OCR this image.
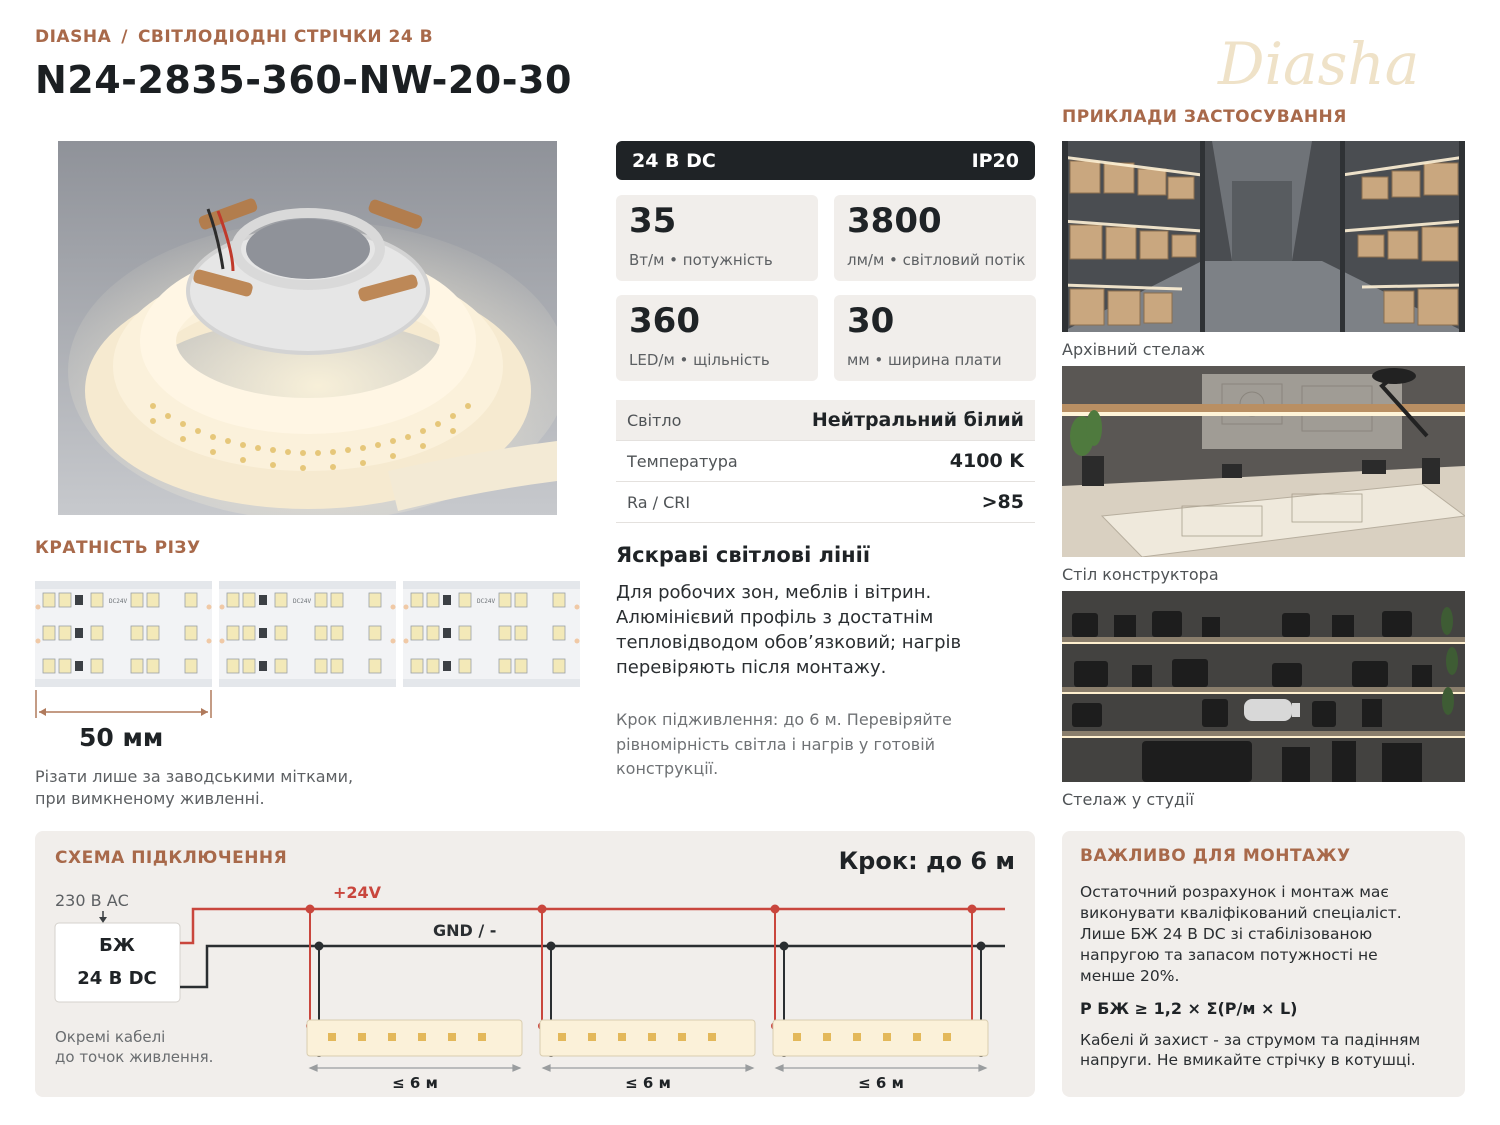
DIASHA / СВІТЛОДІОДНІ СТРІЧКИ 24 В
N24-2835-360-NW-20-30	Diasha
24 В DC	IP20
35
Вт/м • потужність
3800
лм/м • світловий потік
360
LED/м • щільність
30
мм • ширина плати
Світло	Нейтральний білий
Температура	4100 K
Ra / CRI	>85
Яскраві світлові лінії
Для робочих зон, меблів і вітрин.
Алюмінієвий профіль з достатнім
тепловідводом обов’язковий; нагрів
перевіряють після монтажу.
Крок підживлення: до 6 м. Перевіряйте
рівномірність світла і нагрів у готовій
конструкції.
КРАТНІСТЬ РІЗУ
DC24V	DC24V	DC24V
50 мм
Різати лише за заводськими мітками,
при вимкненому живленні.
ПРИКЛАДИ ЗАСТОСУВАННЯ
Архівний стелаж
Стіл конструктора
Стелаж у студії
СХЕМА ПІДКЛЮЧЕННЯ	Крок: до 6 м
230 В АС
БЖ
24 В DC
Окремі кабелі
до точок живлення.
+24V
GND / -
≤ 6 м	≤ 6 м	≤ 6 м
ВАЖЛИВО ДЛЯ МОНТАЖУ
Остаточний розрахунок і монтаж має
виконувати кваліфікований спеціаліст.
Лише БЖ 24 В DC зі стабілізованою
напругою та запасом потужності не
менше 20%.
P БЖ ≥ 1,2 × Σ(P/м × L)
Кабелі й захист - за струмом та падінням
напруги. Не вмикайте стрічку в котушці.
